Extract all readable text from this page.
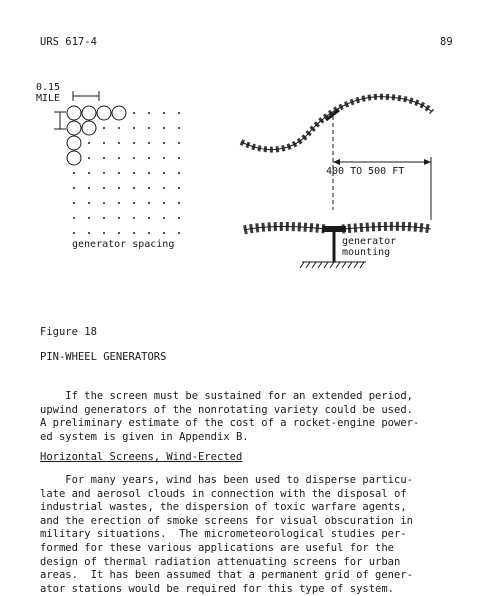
URS 617-4	89
0.15
MILE
generator spacing
400 TO 500 FT
generator
mounting
Figure 18
PIN-WHEEL GENERATORS
If the screen must be sustained for an extended period,
upwind generators of the nonrotating variety could be used.
A preliminary estimate of the cost of a rocket-engine power-
ed system is given in Appendix B.
Horizontal Screens, Wind-Erected
For many years, wind has been used to disperse particu-
late and aerosol clouds in connection with the disposal of
industrial wastes, the dispersion of toxic warfare agents,
and the erection of smoke screens for visual obscuration in
military situations.  The micrometeorological studies per-
formed for these various applications are useful for the
design of thermal radiation attenuating screens for urban
areas.  It has been assumed that a permanent grid of gener-
ator stations would be required for this type of system.
